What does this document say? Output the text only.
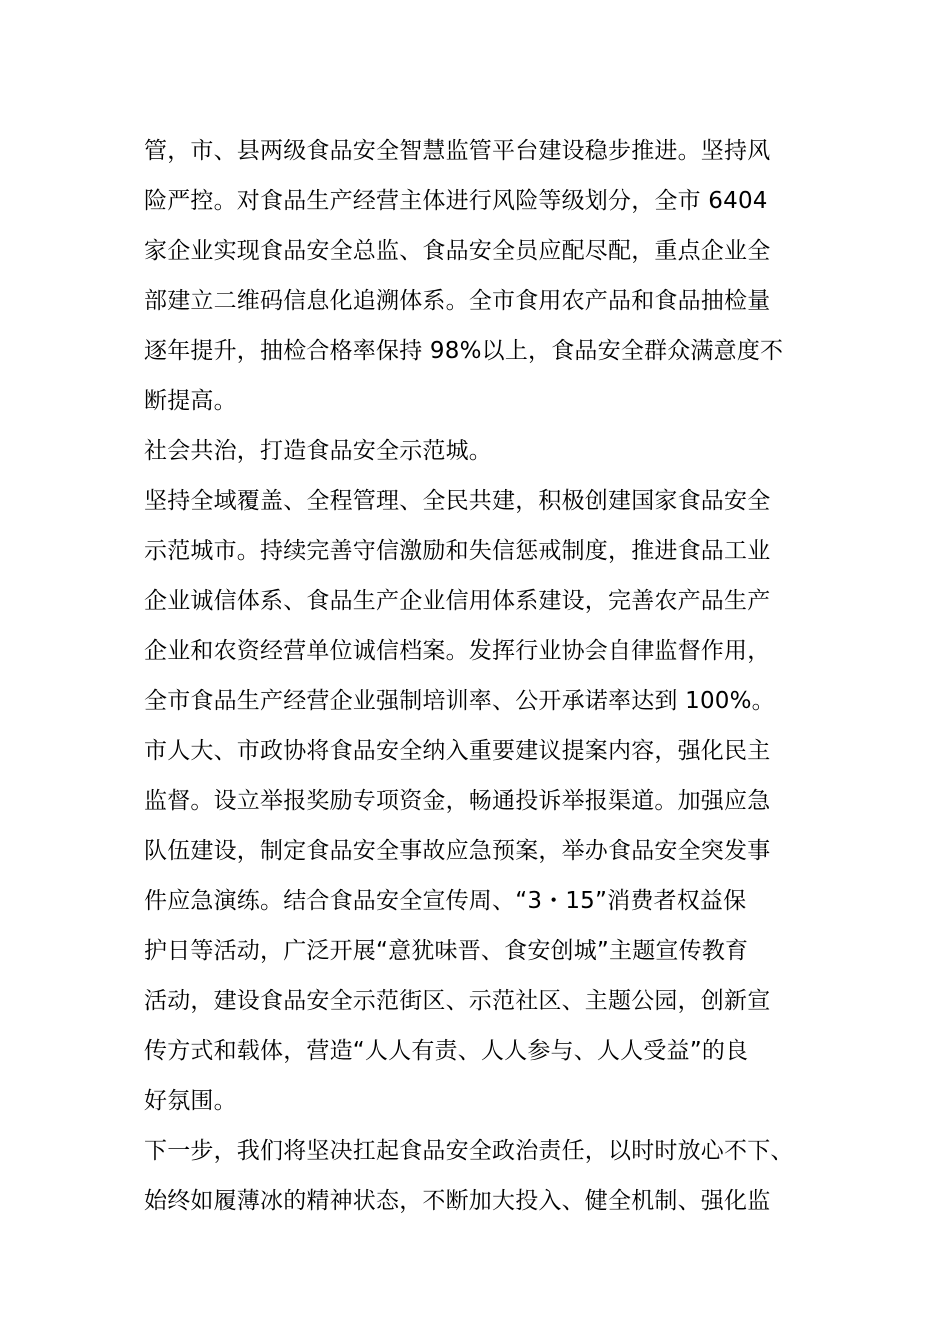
管，市、县两级食品安全智慧监管平台建设稳步推进。坚持风
险严控。对食品生产经营主体进行风险等级划分，全市 6404
家企业实现食品安全总监、食品安全员应配尽配，重点企业全
部建立二维码信息化追溯体系。全市食用农产品和食品抽检量
逐年提升，抽检合格率保持 98%以上，食品安全群众满意度不
断提高。
社会共治，打造食品安全示范城。
坚持全域覆盖、全程管理、全民共建，积极创建国家食品安全
示范城市。持续完善守信激励和失信惩戒制度，推进食品工业
企业诚信体系、食品生产企业信用体系建设，完善农产品生产
企业和农资经营单位诚信档案。发挥行业协会自律监督作用，
全市食品生产经营企业强制培训率、公开承诺率达到 100%。
市人大、市政协将食品安全纳入重要建议提案内容，强化民主
监督。设立举报奖励专项资金，畅通投诉举报渠道。加强应急
队伍建设，制定食品安全事故应急预案，举办食品安全突发事
件应急演练。结合食品安全宣传周、“3・15”消费者权益保
护日等活动，广泛开展“意犹味晋、食安创城”主题宣传教育
活动，建设食品安全示范街区、示范社区、主题公园，创新宣
传方式和载体，营造“人人有责、人人参与、人人受益”的良
好氛围。
下一步，我们将坚决扛起食品安全政治责任，以时时放心不下、
始终如履薄冰的精神状态，不断加大投入、健全机制、强化监
